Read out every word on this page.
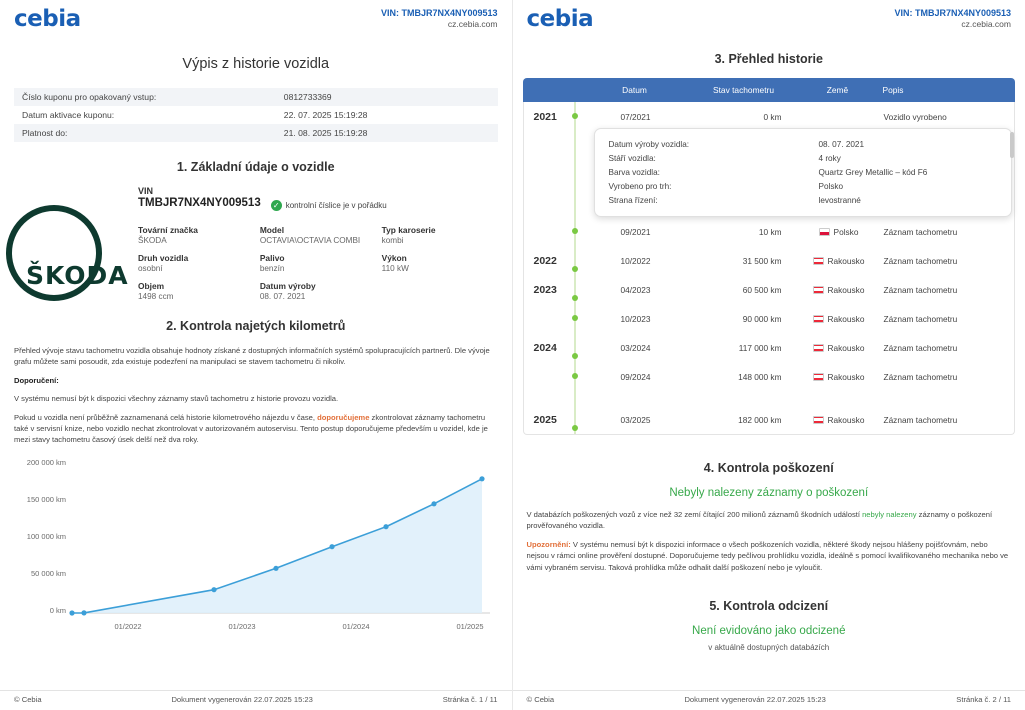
cebia	VIN: TMBJR7NX4NY009513
cz.cebia.com
Výpis z historie vozidla
Číslo kuponu pro opakovaný vstup:	0812733369
Datum aktivace kuponu:	22. 07. 2025 15:19:28
Platnost do:	21. 08. 2025 15:19:28
1. Základní údaje o vozidle
ŠKODA
VIN
TMBJR7NX4NY009513 ✓ kontrolní číslice je v pořádku
Tovární značka
ŠKODA
Model
OCTAVIA\OCTAVIA COMBI
Typ karoserie
kombi
Druh vozidla
osobní
Palivo
benzín
Výkon
110 kW
Objem
1498 ccm
Datum výroby
08. 07. 2021
2. Kontrola najetých kilometrů
Přehled vývoje stavu tachometru vozidla obsahuje hodnoty získané z dostupných informačních systémů spolupracujících partnerů. Dle vývoje grafu můžete sami posoudit, zda existuje podezření na manipulaci se stavem tachometru či nikoliv.
Doporučení:
V systému nemusí být k dispozici všechny záznamy stavů tachometru z historie provozu vozidla.
Pokud u vozidla není průběžně zaznamenaná celá historie kilometrového nájezdu v čase, doporučujeme zkontrolovat záznamy tachometru také v servisní knize, nebo vozidlo nechat zkontrolovat v autorizovaném autoservisu. Tento postup doporučujeme především u vozidel, kde je mezi stavy tachometru časový úsek delší než dva roky.
200 000 km
150 000 km
100 000 km
50 000 km
0 km
01/2022	01/2023	01/2024	01/2025
© Cebia	Dokument vygenerován 22.07.2025 15:23	Stránka č. 1 / 11
cebia	VIN: TMBJR7NX4NY009513
cz.cebia.com
3. Přehled historie
Datum	Stav tachometru	Země	Popis
2021	07/2021	0 km	Vozidlo vyrobeno
Datum výroby vozidla:	08. 07. 2021
Stáří vozidla:	4 roky
Barva vozidla:	Quartz Grey Metallic – kód F6
Vyrobeno pro trh:	Polsko
Strana řízení:	levostranné
09/2021	10 km	Polsko	Záznam tachometru
2022	10/2022	31 500 km	Rakousko	Záznam tachometru
2023	04/2023	60 500 km	Rakousko	Záznam tachometru
10/2023	90 000 km	Rakousko	Záznam tachometru
2024	03/2024	117 000 km	Rakousko	Záznam tachometru
09/2024	148 000 km	Rakousko	Záznam tachometru
2025	03/2025	182 000 km	Rakousko	Záznam tachometru
4. Kontrola poškození
Nebyly nalezeny záznamy o poškození
V databázích poškozených vozů z více než 32 zemí čítající 200 milionů záznamů škodních událostí nebyly nalezeny záznamy o poškození prověřovaného vozidla.
Upozornění: V systému nemusí být k dispozici informace o všech poškozeních vozidla, některé škody nejsou hlášeny pojišťovnám, nebo nejsou v rámci online prověření dostupné. Doporučujeme tedy pečlivou prohlídku vozidla, ideálně s pomocí kvalifikovaného mechanika nebo ve vámi vybraném servisu. Taková prohlídka může odhalit další poškození nebo je vyloučit.
5. Kontrola odcizení
Není evidováno jako odcizené
v aktuálně dostupných databázích
© Cebia	Dokument vygenerován 22.07.2025 15:23	Stránka č. 2 / 11
